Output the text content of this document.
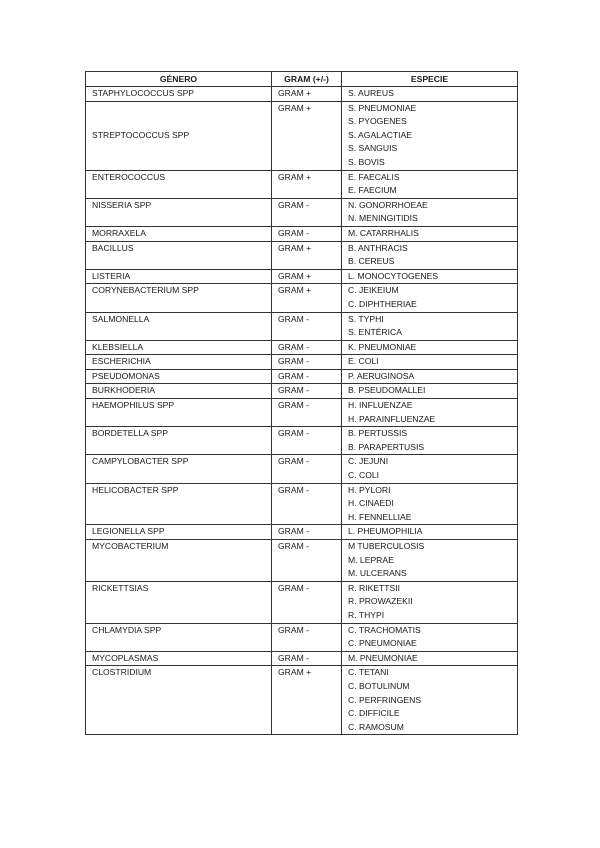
GÉNERO	GRAM (+/-)	ESPECIE
STAPHYLOCOCCUS SPP	GRAM +	S. AUREUS

STREPTOCOCCUS SPP	GRAM +	S. PNEUMONIAE
S. PYOGENES
S. AGALACTIAE
S. SANGUIS
S. BOVIS

ENTEROCOCCUS	GRAM +	E. FAECALIS
E. FAECIUM

NISSERIA SPP	GRAM -	N. GONORRHOEAE
N. MENINGITIDIS

MORRAXELA	GRAM -	M. CATARRHALIS

BACILLUS	GRAM +	B. ANTHRACIS
B. CEREUS

LISTERIA	GRAM +	L. MONOCYTOGENES

CORYNEBACTERIUM SPP	GRAM +	C. JEIKEIUM
C. DIPHTHERIAE

SALMONELLA	GRAM -	S. TYPHI
S. ENTÉRICA

KLEBSIELLA	GRAM -	K. PNEUMONIAE

ESCHERICHIA	GRAM -	E. COLI

PSEUDOMONAS	GRAM -	P. AERUGINOSA

BURKHODERIA	GRAM -	B. PSEUDOMALLEI

HAEMOPHILUS SPP	GRAM -	H. INFLUENZAE
H. PARAINFLUENZAE

BORDETELLA SPP	GRAM -	B. PERTUSSIS
B. PARAPERTUSIS

CAMPYLOBACTER SPP	GRAM -	C. JEJUNI
C. COLI

HELICOBACTER SPP	GRAM -	H. PYLORI
H. CINAEDI
H. FENNELLIAE

LEGIONELLA SPP	GRAM -	L. PHEUMOPHILIA

MYCOBACTERIUM	GRAM -	M TUBERCULOSIS
M. LEPRAE
M. ULCERANS

RICKETTSIAS	GRAM -	R. RIKETTSII
R. PROWAZEKII
R. THYPI

CHLAMYDIA SPP	GRAM -	C. TRACHOMATIS
C. PNEUMONIAE

MYCOPLASMAS	GRAM -	M. PNEUMONIAE

CLOSTRIDIUM	GRAM +	C. TETANI
C. BOTULINUM
C. PERFRINGENS
C. DIFFICILE
C. RAMOSUM
